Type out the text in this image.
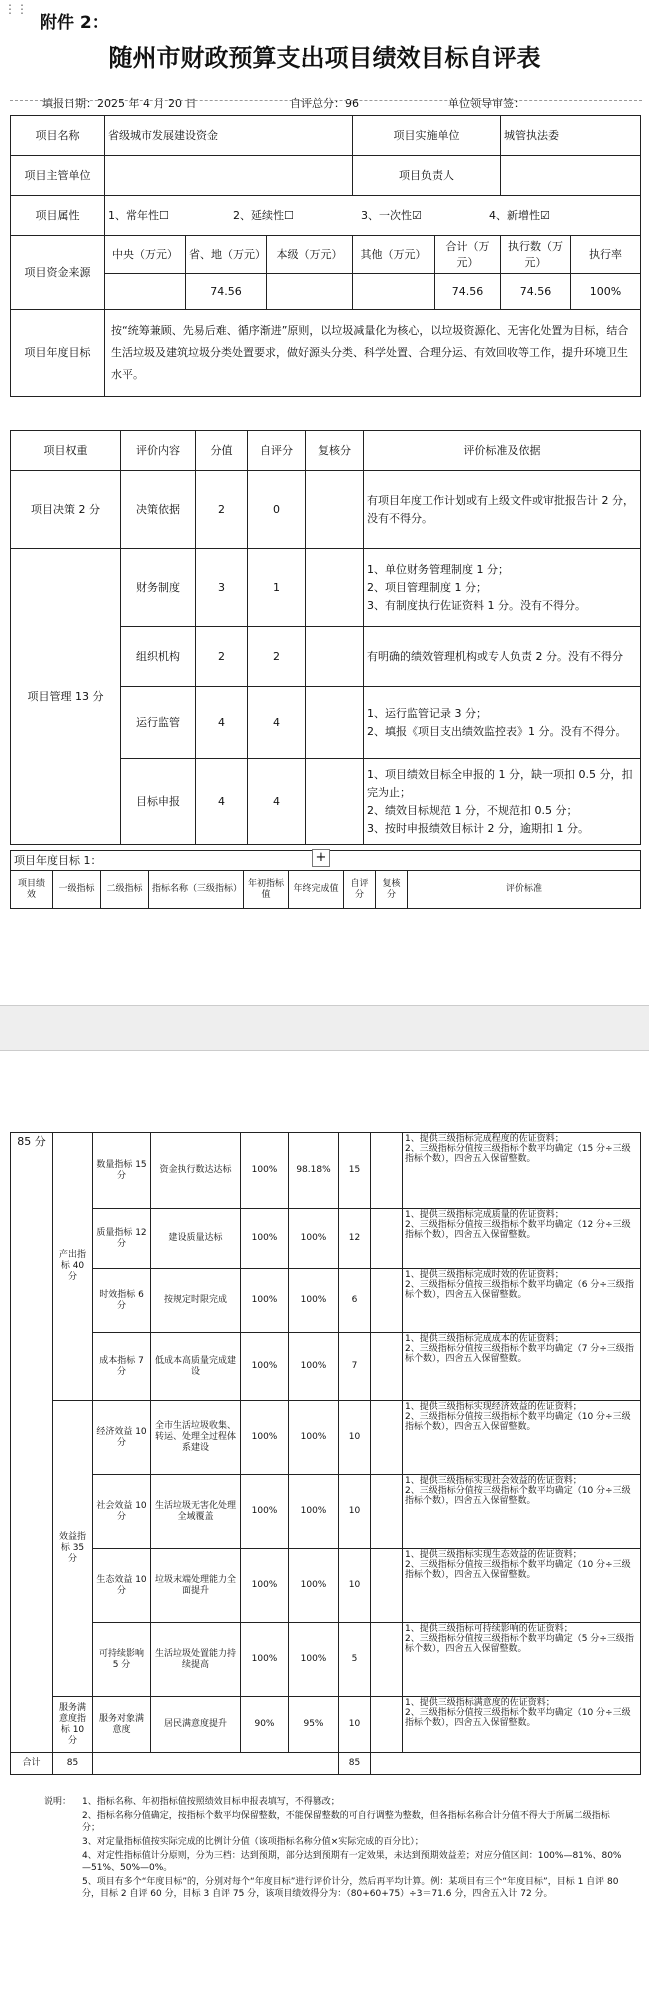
⋮⋮
附件 2：
随州市财政预算支出项目绩效目标自评表
填报日期：2025 年 4 月 20 日	自评总分：96	单位领导审签：
项目名称	省级城市发展建设资金			项目实施单位		城管执法委	
项目主管单位				项目负责人			
项目属性	1、常年性☐ 2、延续性☐ 3、一次性☑ 4、新增性☑						
项目资金来源	中央（万元）	省、地（万元）	本级（万元）	其他（万元）	合计（万元）	执行数（万元）	执行率
		74.56			74.56	74.56	100%
项目年度目标	按“统筹兼顾、先易后难、循序渐进”原则，以垃圾减量化为核心，以垃圾资源化、无害化处置为目标，结合生活垃圾及建筑垃圾分类处置要求，做好源头分类、科学处置、合理分运、有效回收等工作，提升环境卫生水平。						
项目权重	评价内容	分值	自评分	复核分	评价标准及依据
项目决策 2 分	决策依据	2	0		有项目年度工作计划或有上级文件或审批报告计 2 分，没有不得分。
项目管理 13 分	财务制度	3	1		1、单位财务管理制度 1 分；
2、项目管理制度 1 分；
3、有制度执行佐证资料 1 分。没有不得分。
	组织机构	2	2		有明确的绩效管理机构或专人负责 2 分。没有不得分
	运行监管	4	4		1、运行监管记录 3 分；
2、填报《项目支出绩效监控表》1 分。没有不得分。
	目标申报	4	4		1、项目绩效目标全申报的 1 分，缺一项扣 0.5 分，扣完为止；
2、绩效目标规范 1 分，不规范扣 0.5 分；
3、按时申报绩效目标计 2 分，逾期扣 1 分。
项目年度目标 1：
项目绩效	一级指标	二级指标	指标名称（三级指标）	年初指标值	年终完成值	自评分	复核分	评价标准
+
85 分	产出指标 40 分	数量指标 15 分	资金执行数达达标	100%	98.18%	15		1、提供三级指标完成程度的佐证资料；
2、三级指标分值按三级指标个数平均确定（15 分÷三级指标个数），四舍五入保留整数。
		质量指标 12 分	建设质量达标	100%	100%	12		1、提供三级指标完成质量的佐证资料；
2、三级指标分值按三级指标个数平均确定（12 分÷三级指标个数），四舍五入保留整数。
		时效指标 6 分	按规定时限完成	100%	100%	6		1、提供三级指标完成时效的佐证资料；
2、三级指标分值按三级指标个数平均确定（6 分÷三级指标个数），四舍五入保留整数。
		成本指标 7 分	低成本高质量完成建设	100%	100%	7		1、提供三级指标完成成本的佐证资料；
2、三级指标分值按三级指标个数平均确定（7 分÷三级指标个数），四舍五入保留整数。
	效益指标 35 分	经济效益 10 分	全市生活垃圾收集、转运、处理全过程体系建设	100%	100%	10		1、提供三级指标实现经济效益的佐证资料；
2、三级指标分值按三级指标个数平均确定（10 分÷三级指标个数），四舍五入保留整数。
		社会效益 10 分	生活垃圾无害化处理全域覆盖	100%	100%	10		1、提供三级指标实现社会效益的佐证资料；
2、三级指标分值按三级指标个数平均确定（10 分÷三级指标个数），四舍五入保留整数。
		生态效益 10 分	垃圾末端处理能力全面提升	100%	100%	10		1、提供三级指标实现生态效益的佐证资料；
2、三级指标分值按三级指标个数平均确定（10 分÷三级指标个数），四舍五入保留整数。
		可持续影响 5 分	生活垃圾处置能力持续提高	100%	100%	5		1、提供三级指标可持续影响的佐证资料；
2、三级指标分值按三级指标个数平均确定（5 分÷三级指标个数），四舍五入保留整数。
	服务满意度指标 10 分	服务对象满意度	居民满意度提升	90%	95%	10		1、提供三级指标满意度的佐证资料；
2、三级指标分值按三级指标个数平均确定（10 分÷三级指标个数），四舍五入保留整数。
合计	85					85		
说明： 1、指标名称、年初指标值按照绩效目标申报表填写，不得篡改；
2、指标名称分值确定，按指标个数平均保留整数，不能保留整数的可自行调整为整数，但各指标名称合计分值不得大于所属二级指标分；
3、对定量指标值按实际完成的比例计分值（该项指标名称分值×实际完成的百分比）；
4、对定性指标值计分原则，分为三档：达到预期，部分达到预期有一定效果，未达到预期效益差；对应分值区间：100%—81%、80%—51%、50%—0%。
5、项目有多个“年度目标”的，分别对每个“年度目标”进行评价计分，然后再平均计算。例：某项目有三个“年度目标”，目标 1 自评 80 分，目标 2 自评 60 分，目标 3 自评 75 分，该项目绩效得分为：（80+60+75）÷3＝71.6 分，四舍五入计 72 分。
